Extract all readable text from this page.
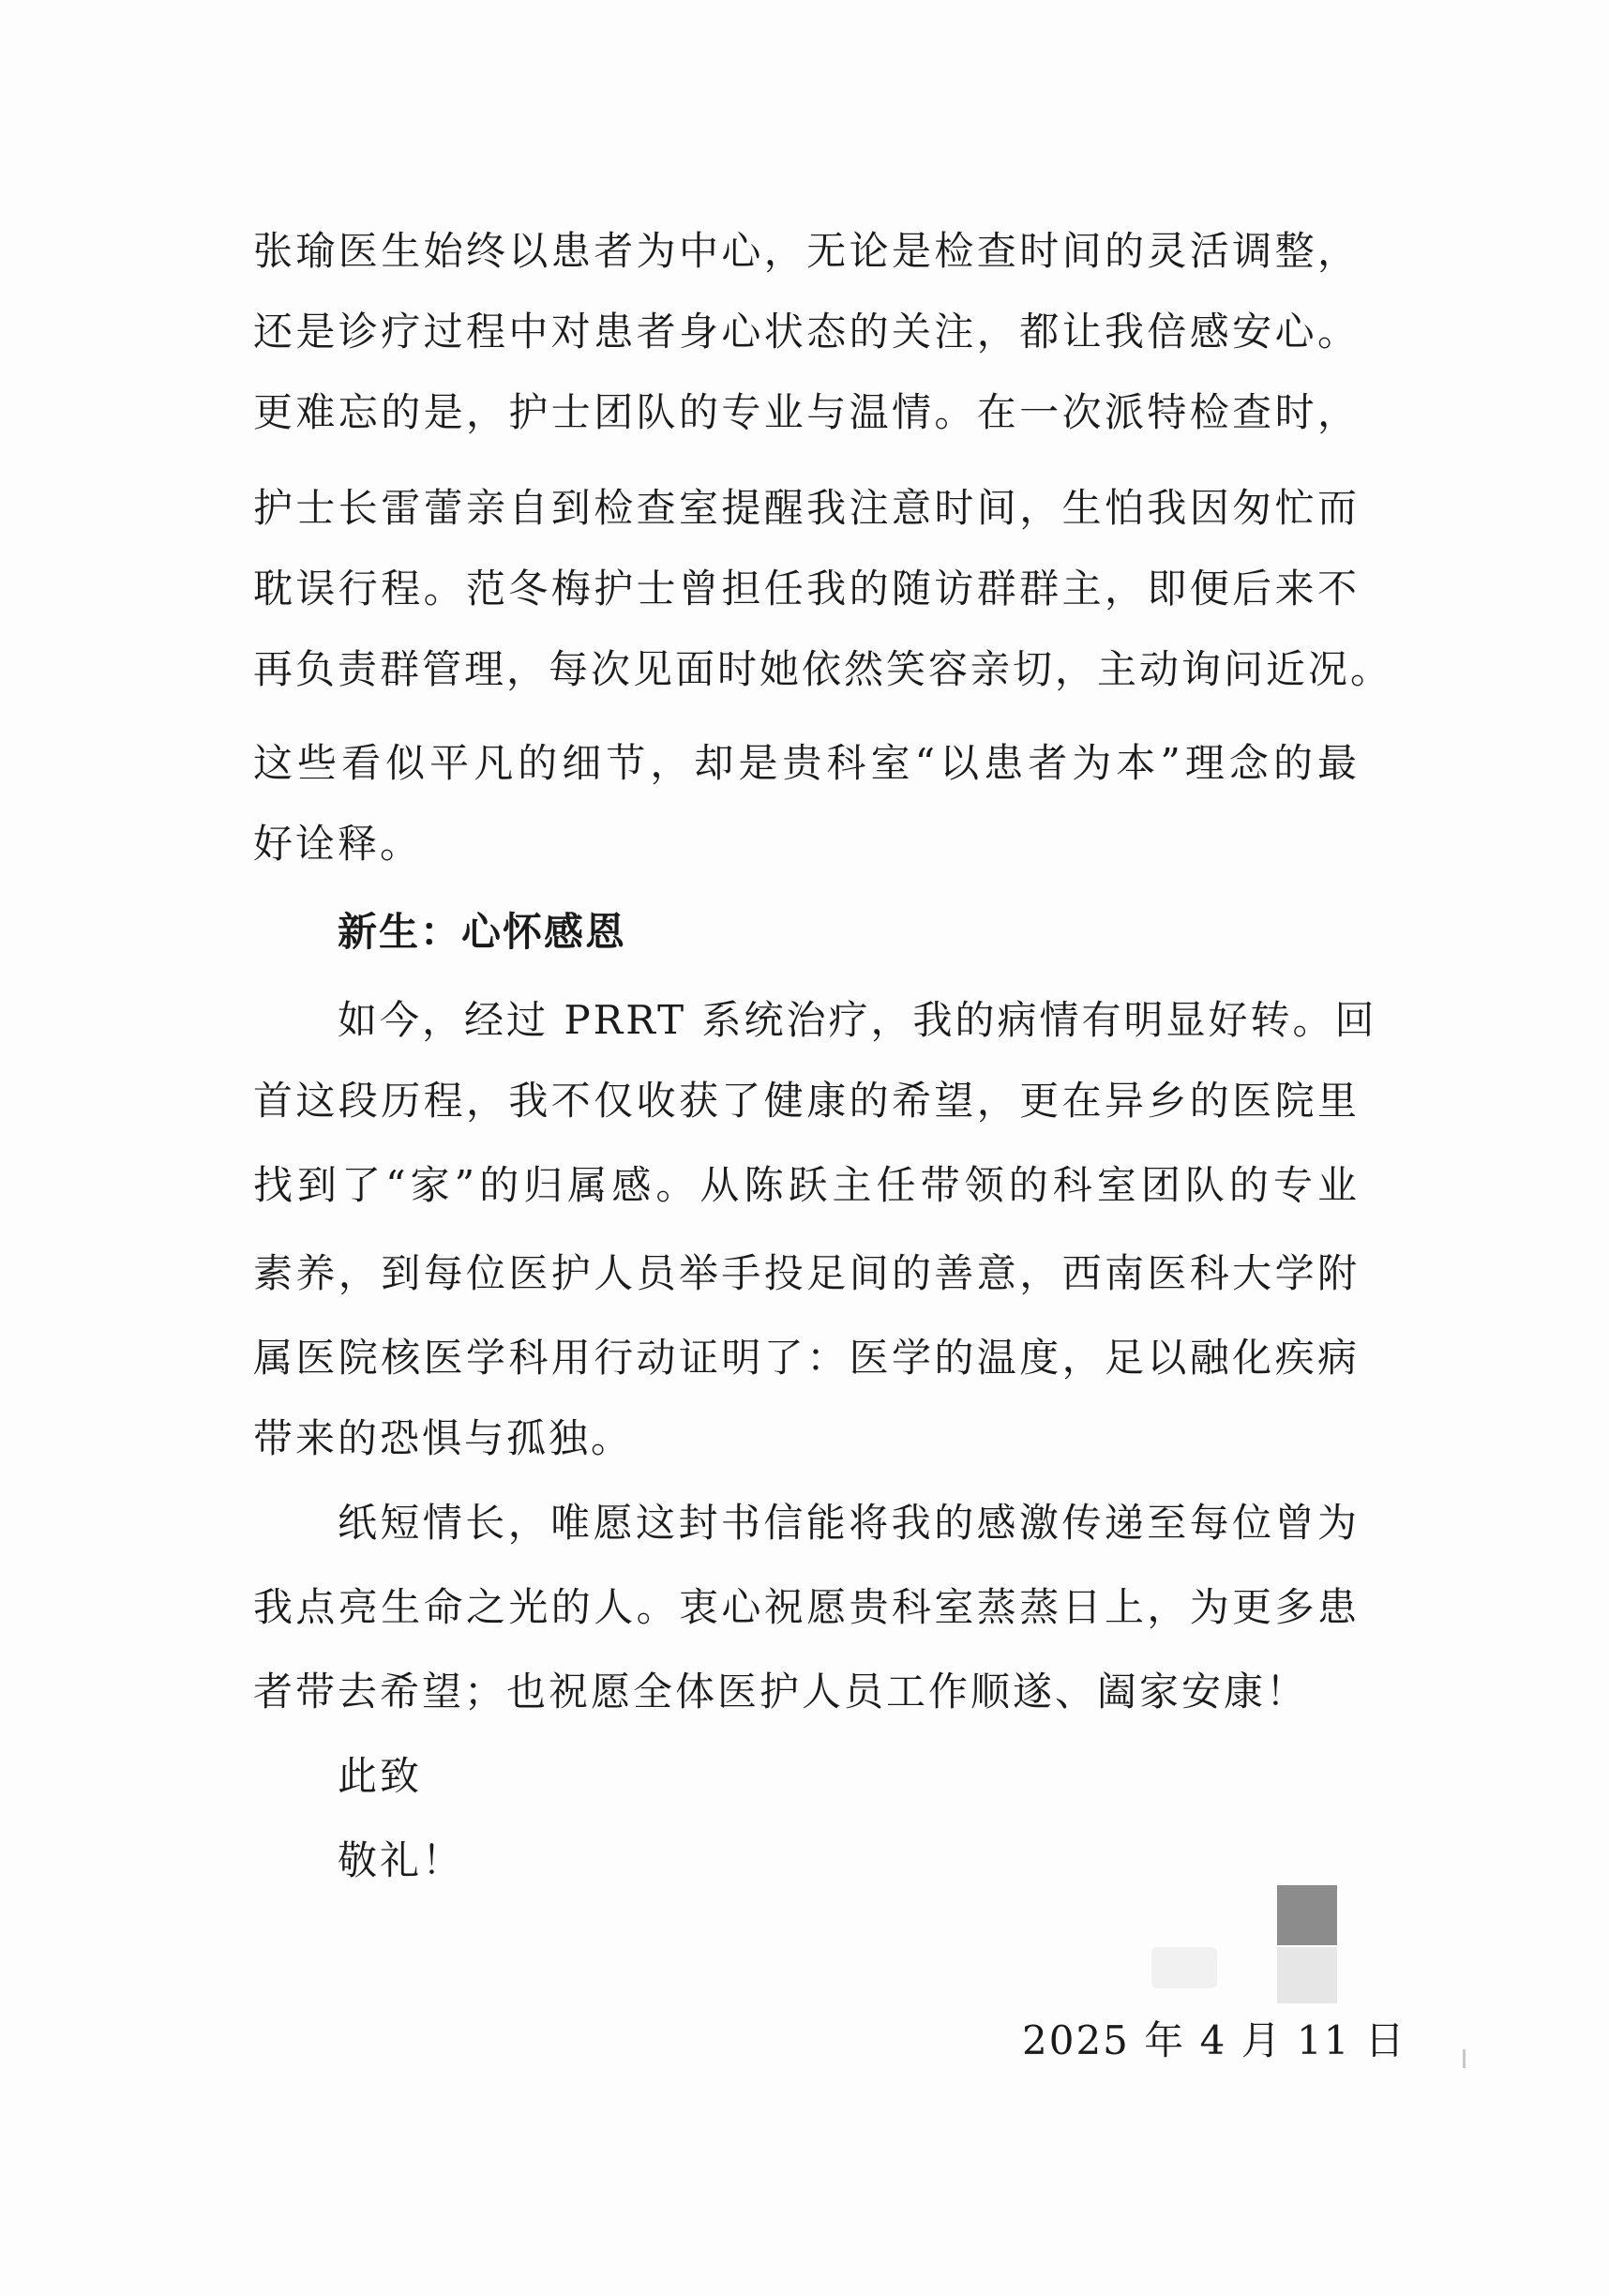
张瑜医生始终以患者为中心，无论是检查时间的灵活调整，
还是诊疗过程中对患者身心状态的关注，都让我倍感安心。
更难忘的是，护士团队的专业与温情。在一次派特检查时，
护士长雷蕾亲自到检查室提醒我注意时间，生怕我因匆忙而
耽误行程。范冬梅护士曾担任我的随访群群主，即便后来不
再负责群管理，每次见面时她依然笑容亲切，主动询问近况。
这些看似平凡的细节，却是贵科室“以患者为本”理念的最
好诠释。
新生：心怀感恩
如今，经过 PRRT 系统治疗，我的病情有明显好转。回
首这段历程，我不仅收获了健康的希望，更在异乡的医院里
找到了“家”的归属感。从陈跃主任带领的科室团队的专业
素养，到每位医护人员举手投足间的善意，西南医科大学附
属医院核医学科用行动证明了：医学的温度，足以融化疾病
带来的恐惧与孤独。
纸短情长，唯愿这封书信能将我的感激传递至每位曾为
我点亮生命之光的人。衷心祝愿贵科室蒸蒸日上，为更多患
者带去希望；也祝愿全体医护人员工作顺遂、阖家安康！
此致
敬礼！
2025 年 4 月 11 日
